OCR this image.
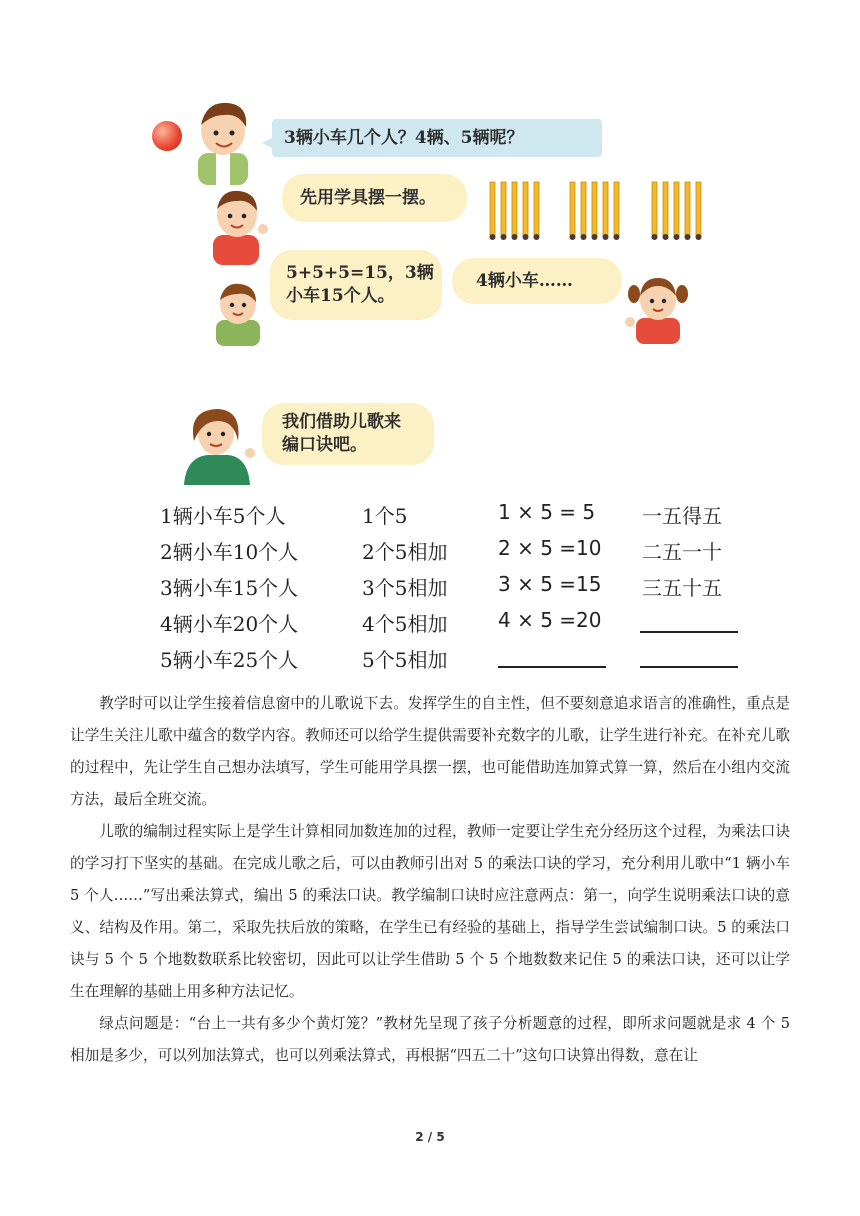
3辆小车几个人？4辆、5辆呢？
先用学具摆一摆。
5+5+5=15，3辆
小车15个人。
4辆小车……
我们借助儿歌来
编口诀吧。
1辆小车5个人	1个5	1 × 5 = 5 一五得五
2辆小车10个人	2个5相加	2 × 5 =10 二五一十
3辆小车15个人	3个5相加	3 × 5 =15 三五十五
4辆小车20个人	4个5相加	4 × 5 =20
5辆小车25个人	5个5相加

教学时可以让学生接着信息窗中的儿歌说下去。发挥学生的自主性，但不要刻意追求语言的准确性，重点是让学生关注儿歌中蕴含的数学内容。教师还可以给学生提供需要补充数字的儿歌，让学生进行补充。在补充儿歌的过程中，先让学生自己想办法填写，学生可能用学具摆一摆，也可能借助连加算式算一算，然后在小组内交流方法，最后全班交流。

儿歌的编制过程实际上是学生计算相同加数连加的过程，教师一定要让学生充分经历这个过程，为乘法口诀的学习打下坚实的基础。在完成儿歌之后，可以由教师引出对 5 的乘法口诀的学习，充分利用儿歌中“1 辆小车 5 个人……”写出乘法算式，编出 5 的乘法口诀。教学编制口诀时应注意两点：第一，向学生说明乘法口诀的意义、结构及作用。第二，采取先扶后放的策略，在学生已有经验的基础上，指导学生尝试编制口诀。5 的乘法口诀与 5 个 5 个地数数联系比较密切，因此可以让学生借助 5 个 5 个地数数来记住 5 的乘法口诀，还可以让学生在理解的基础上用多种方法记忆。

绿点问题是：“台上一共有多少个黄灯笼？”教材先呈现了孩子分析题意的过程，即所求问题就是求 4 个 5 相加是多少，可以列加法算式，也可以列乘法算式，再根据“四五二十”这句口诀算出得数，意在让

2 / 5
